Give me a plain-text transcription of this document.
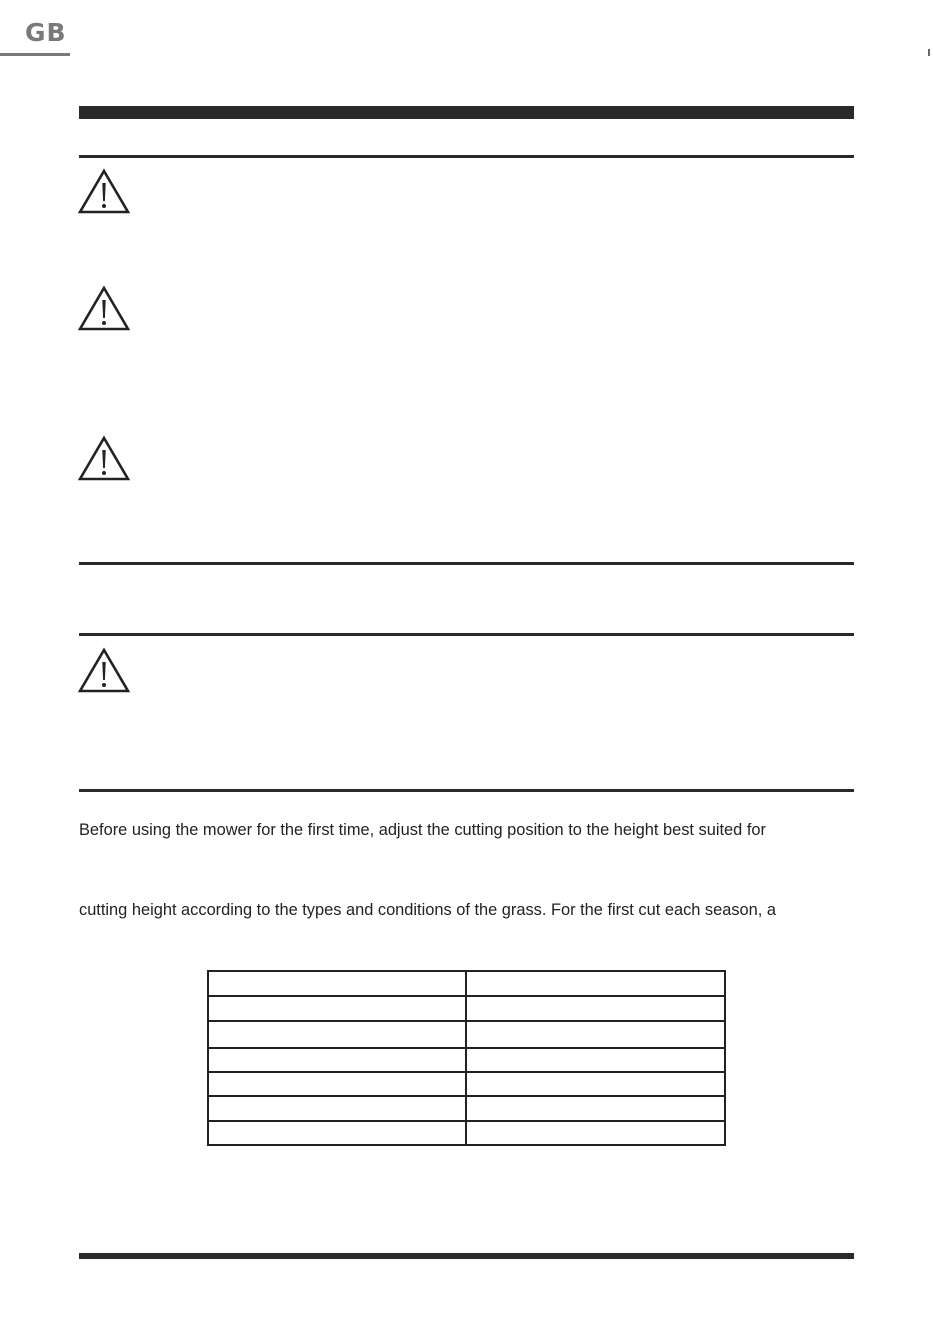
GB
Before using the mower for the first time, adjust the cutting position to the height best suited for
cutting height according to the types and conditions of the grass. For the first cut each season, a
